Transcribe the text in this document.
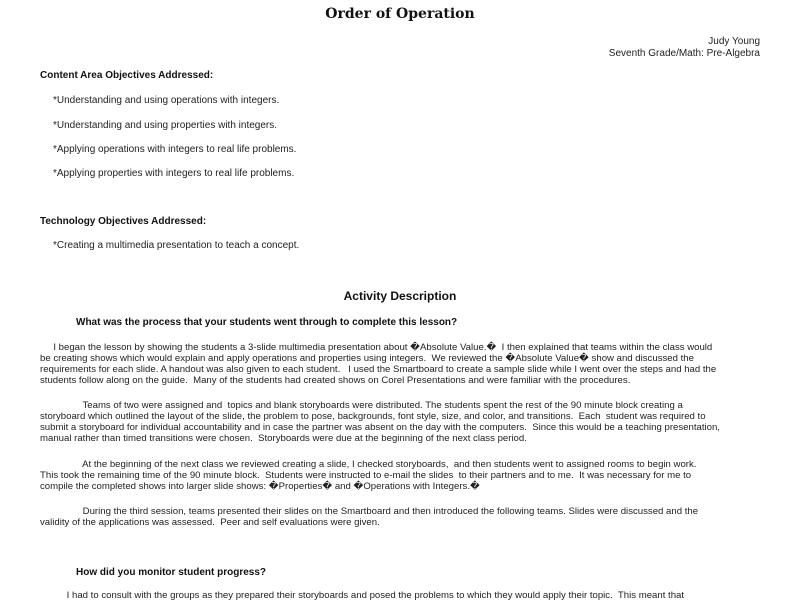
Order of Operation
Judy Young
Seventh Grade/Math: Pre-Algebra
Content Area Objectives Addressed:
*Understanding and using operations with integers.
*Understanding and using properties with integers.
*Applying operations with integers to real life problems.
*Applying properties with integers to real life problems.
Technology Objectives Addressed:
*Creating a multimedia presentation to teach a concept.
Activity Description
What was the process that your students went through to complete this lesson?
I began the lesson by showing the students a 3-slide multimedia presentation about �Absolute Value.�  I then explained that teams within the class would
be creating shows which would explain and apply operations and properties using integers.  We reviewed the �Absolute Value� show and discussed the
requirements for each slide. A handout was also given to each student.   I used the Smartboard to create a sample slide while I went over the steps and had the
students follow along on the guide.  Many of the students had created shows on Corel Presentations and were familiar with the procedures.
Teams of two were assigned and  topics and blank storyboards were distributed. The students spent the rest of the 90 minute block creating a
storyboard which outlined the layout of the slide, the problem to pose, backgrounds, font style, size, and color, and transitions.  Each  student was required to
submit a storyboard for individual accountability and in case the partner was absent on the day with the computers.  Since this would be a teaching presentation,
manual rather than timed transitions were chosen.  Storyboards were due at the beginning of the next class period.
At the beginning of the next class we reviewed creating a slide, I checked storyboards,  and then students went to assigned rooms to begin work.
This took the remaining time of the 90 minute block.  Students were instructed to e-mail the slides  to their partners and to me.  It was necessary for me to
compile the completed shows into larger slide shows: �Properties� and �Operations with Integers.�
During the third session, teams presented their slides on the Smartboard and then introduced the following teams. Slides were discussed and the
validity of the applications was assessed.  Peer and self evaluations were given.
How did you monitor student progress?
I had to consult with the groups as they prepared their storyboards and posed the problems to which they would apply their topic.  This meant that
